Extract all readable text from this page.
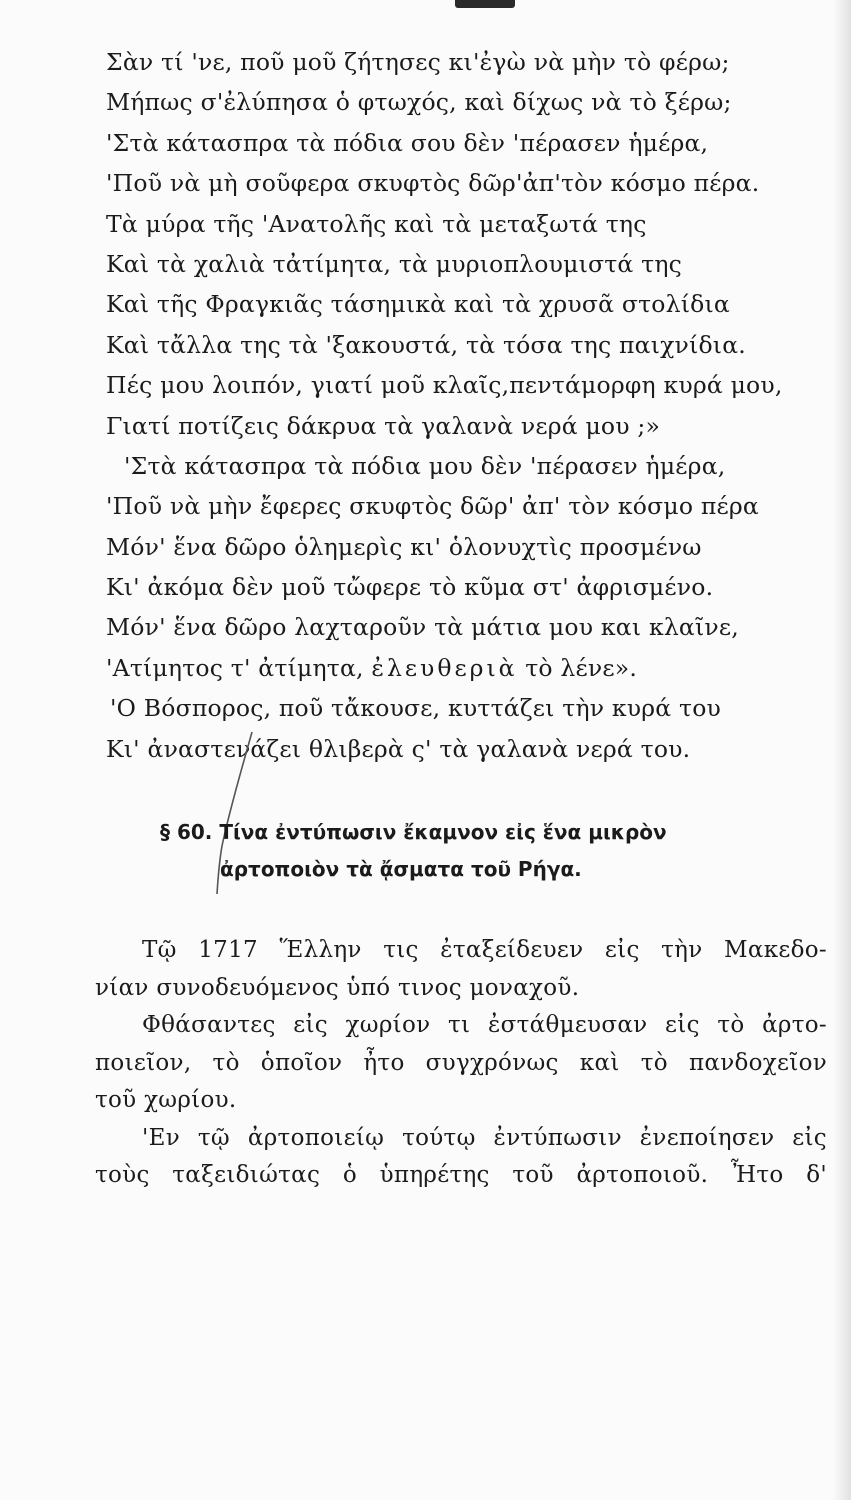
Σὰν τί 'νε, ποῦ μοῦ ζήτησες κι'ἐγὼ νὰ μὴν τὸ φέρω;
Μήπως σ'ἐλύπησα ὁ φτωχός, καὶ δίχως νὰ τὸ ξέρω;
'Στὰ κάτασπρα τὰ πόδια σου δὲν 'πέρασεν ἡμέρα,
'Ποῦ νὰ μὴ σοῦφερα σκυφτὸς δῶρ'ἀπ'τὸν κόσμο πέρα.
Τὰ μύρα τῆς 'Ανατολῆς καὶ τὰ μεταξωτά της
Καὶ τὰ χαλιὰ τἀτίμητα, τὰ μυριοπλουμιστά της
Καὶ τῆς Φραγκιᾶς τάσημικὰ καὶ τὰ χρυσᾶ στολίδια
Καὶ τἄλλα της τὰ 'ξακουστά, τὰ τόσα της παιχνίδια.
Πές μου λοιπόν, γιατί μοῦ κλαῖς,πεντάμορφη κυρά μου,
Γιατί ποτίζεις δάκρυα τὰ γαλανὰ νερά μου ;»
'Στὰ κάτασπρα τὰ πόδια μου δὲν 'πέρασεν ἡμέρα,
'Ποῦ νὰ μὴν ἔφερες σκυφτὸς δῶρ' ἀπ' τὸν κόσμο πέρα
Μόν' ἕνα δῶρο ὁλημερὶς κι' ὁλονυχτὶς προσμένω
Κι' ἀκόμα δὲν μοῦ τὤφερε τὸ κῦμα στ' ἀφρισμένο.
Μόν' ἕνα δῶρο λαχταροῦν τὰ μάτια μου και κλαῖνε,
'Ατίμητος τ' ἀτίμητα, ἐλευθεριὰ τὸ λένε».
'Ο Βόσπορος, ποῦ τἄκουσε, κυττάζει τὴν κυρά του
Κι' ἀναστενάζει θλιβερὰ ς' τὰ γαλανὰ νερά του.
§ 60. Τίνα ἐντύπωσιν ἔκαμνον εἰς ἕνα μικρὸν
ἀρτοποιὸν τὰ ᾄσματα τοῦ Ρήγα.
Τῷ 1717 Ἕλλην τις ἐταξείδευεν εἰς τὴν Μακεδο-
νίαν συνοδευόμενος ὑπό τινος μοναχοῦ.
Φθάσαντες εἰς χωρίον τι ἐστάθμευσαν εἰς τὸ ἀρτο-
ποιεῖον, τὸ ὁποῖον ἦτο συγχρόνως καὶ τὸ πανδοχεῖον
τοῦ χωρίου.
'Εν τῷ ἀρτοποιείῳ τούτῳ ἐντύπωσιν ἐνεποίησεν εἰς
τοὺς ταξειδιώτας ὁ ὑπηρέτης τοῦ ἀρτοποιοῦ. Ἦτο δ'
